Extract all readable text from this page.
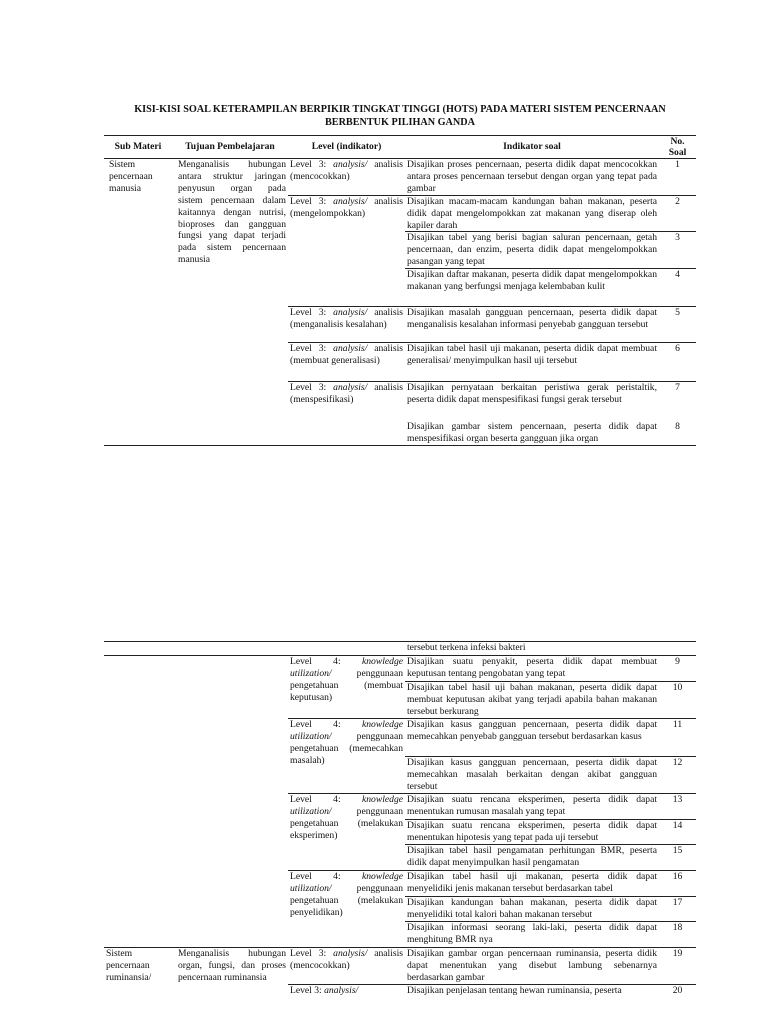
KISI-KISI SOAL KETERAMPILAN BERPIKIR TINGKAT TINGGI (HOTS) PADA MATERI SISTEM PENCERNAAN
BERBENTUK PILIHAN GANDA
Sub Materi	Tujuan Pembelajaran	Level (indikator)	Indikator soal	No. Soal
Sistem pencernaan manusia	Menganalisis hubungan antara struktur jaringan penyusun organ pada sistem pencernaan dalam kaitannya dengan nutrisi, bioproses dan gangguan fungsi yang dapat terjadi pada sistem pencernaan manusia	Level 3: analysis/ analisis (mencocokkan)	Disajikan proses pencernaan, peserta didik dapat mencocokkan antara proses pencernaan tersebut dengan organ yang tepat pada gambar	1
		Level 3: analysis/ analisis (mengelompokkan)	Disajikan macam-macam kandungan bahan makanan, peserta didik dapat mengelompokkan zat makanan yang diserap oleh kapiler darah	2
			Disajikan tabel yang berisi bagian saluran pencernaan, getah pencernaan, dan enzim, peserta didik dapat mengelompokkan pasangan yang tepat	3
			Disajikan daftar makanan, peserta didik dapat mengelompokkan makanan yang berfungsi menjaga kelembaban kulit	4
		Level 3: analysis/ analisis (menganalisis kesalahan)	Disajikan masalah gangguan pencernaan, peserta didik dapat menganalisis kesalahan informasi penyebab gangguan tersebut	5
		Level 3: analysis/ analisis (membuat generalisasi)	Disajikan tabel hasil uji makanan, peserta didik dapat membuat generalisai/ menyimpulkan hasil uji tersebut	6
		Level 3: analysis/ analisis (menspesifikasi)	Disajikan pernyataan berkaitan peristiwa gerak peristaltik, peserta didik dapat menspesifikasi fungsi gerak tersebut	7
			Disajikan gambar sistem pencernaan, peserta didik dapat menspesifikasi organ beserta gangguan jika organ	8
			tersebut terkena infeksi bakteri	
		Level 4: knowledge utilization/ penggunaan pengetahuan (membuat keputusan)	Disajikan suatu penyakit, peserta didik dapat membuat keputusan tentang pengobatan yang tepat	9
			Disajikan tabel hasil uji bahan makanan, peserta didik dapat membuat keputusan akibat yang terjadi apabila bahan makanan tersebut berkurang	10
		Level 4: knowledge utilization/ penggunaan pengetahuan (memecahkan masalah)	Disajikan kasus gangguan pencernaan, peserta didik dapat memecahkan penyebab gangguan tersebut berdasarkan kasus	11
			Disajikan kasus gangguan pencernaan, peserta didik dapat memecahkan masalah berkaitan dengan akibat gangguan tersebut	12
		Level 4: knowledge utilization/ penggunaan pengetahuan (melakukan eksperimen)	Disajikan suatu rencana eksperimen, peserta didik dapat menentukan rumusan masalah yang tepat	13
			Disajikan suatu rencana eksperimen, peserta didik dapat menentukan hipotesis yang tepat pada uji tersebut	14
			Disajikan tabel hasil pengamatan perhitungan BMR, peserta didik dapat menyimpulkan hasil pengamatan	15
		Level 4: knowledge utilization/ penggunaan pengetahuan (melakukan penyelidikan)	Disajikan tabel hasil uji makanan, peserta didik dapat menyelidiki jenis makanan tersebut berdasarkan tabel	16
			Disajikan kandungan bahan makanan, peserta didik dapat menyelidiki total kalori bahan makanan tersebut	17
			Disajikan informasi seorang laki-laki, peserta didik dapat menghitung BMR nya	18
Sistem pencernaan ruminansia/	Menganalisis hubungan organ, fungsi, dan proses pencernaan ruminansia	Level 3: analysis/ analisis (mencocokkan)	Disajikan gambar organ pencernaan ruminansia, peserta didik dapat menentukan yang disebut lambung sebenarnya berdasarkan gambar	19
		Level 3: analysis/	Disajikan penjelasan tentang hewan ruminansia, peserta	20
